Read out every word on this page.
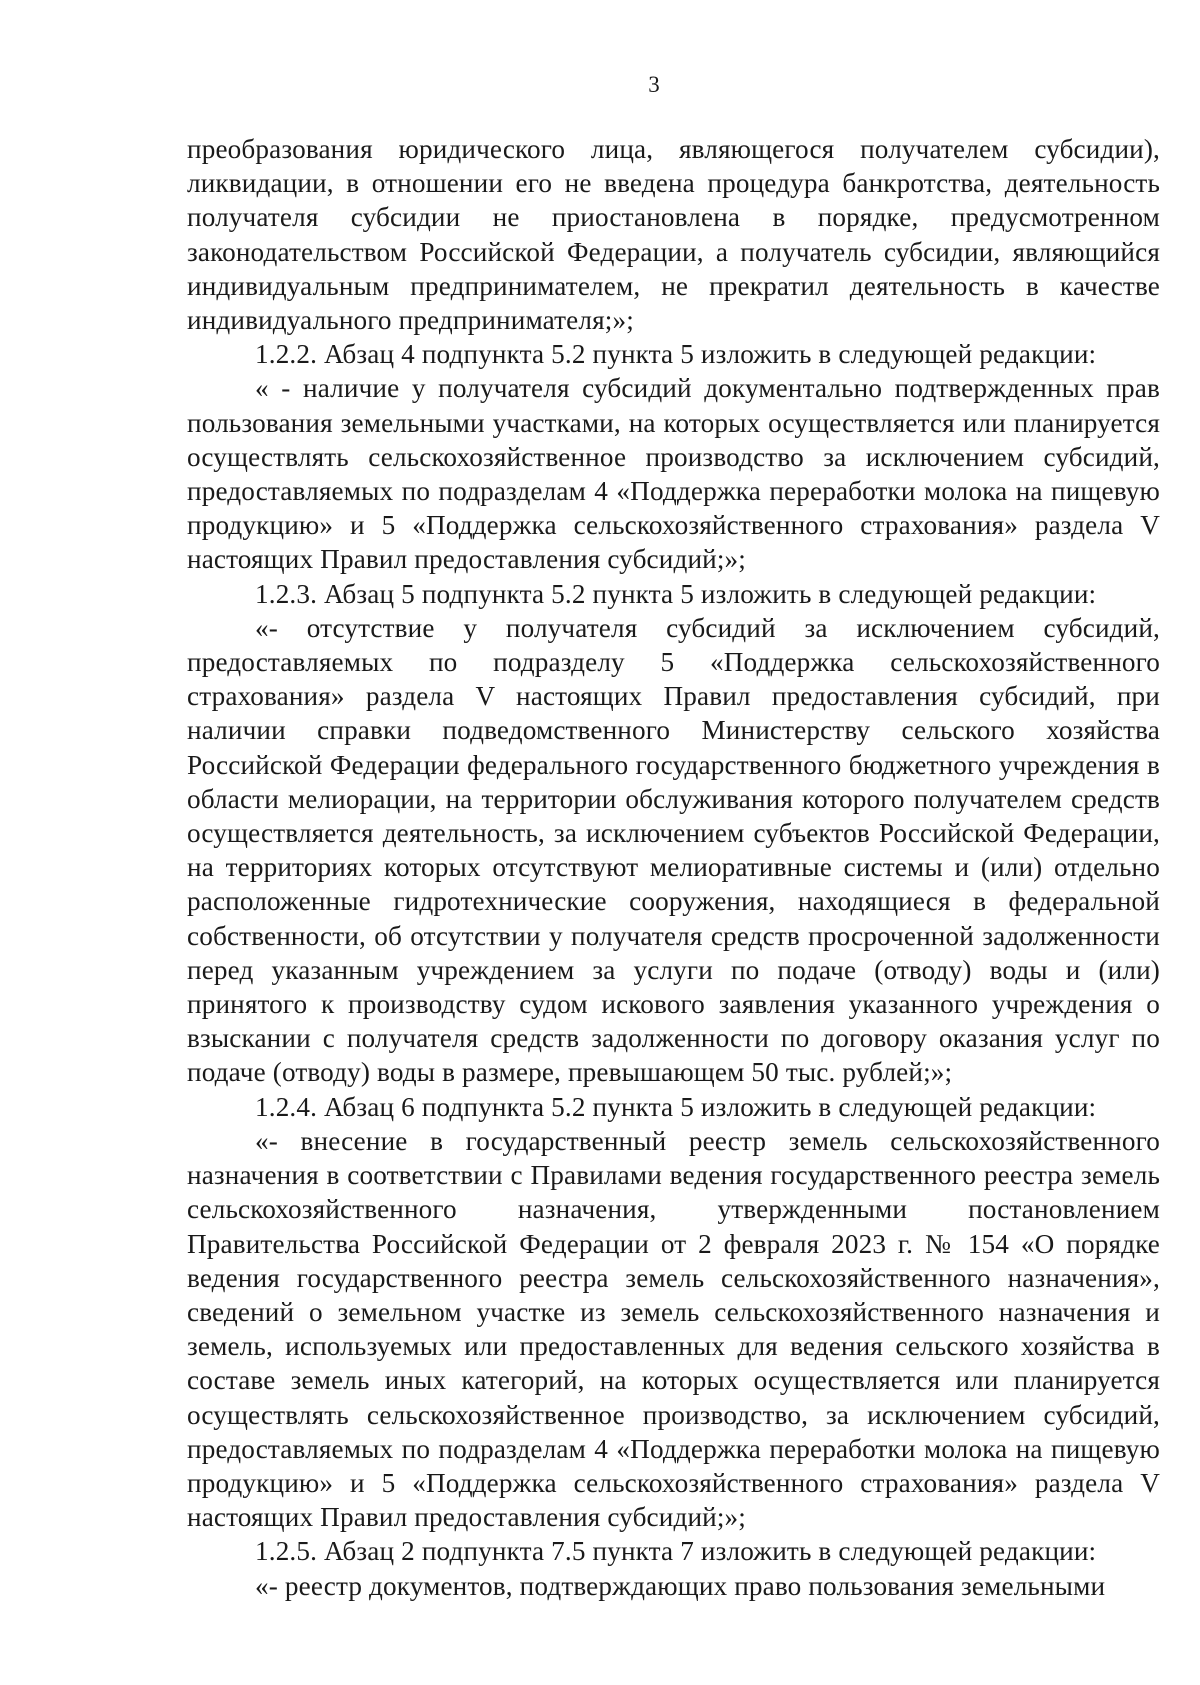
3

преобразования юридического лица, являющегося получателем субсидии), ликвидации, в отношении его не введена процедура банкротства, деятельность получателя субсидии не приостановлена в порядке, предусмотренном законодательством Российской Федерации, а получатель субсидии, являющийся индивидуальным предпринимателем, не прекратил деятельность в качестве индивидуального предпринимателя;»;

1.2.2. Абзац 4 подпункта 5.2 пункта 5 изложить в следующей редакции:

« - наличие у получателя субсидий документально подтвержденных прав пользования земельными участками, на которых осуществляется или планируется осуществлять сельскохозяйственное производство за исключением субсидий, предоставляемых по подразделам 4 «Поддержка переработки молока на пищевую продукцию» и 5 «Поддержка сельскохозяйственного страхования» раздела V настоящих Правил предоставления субсидий;»;

1.2.3. Абзац 5 подпункта 5.2 пункта 5 изложить в следующей редакции:

«- отсутствие у получателя субсидий за исключением субсидий, предоставляемых по подразделу 5 «Поддержка сельскохозяйственного страхования» раздела V настоящих Правил предоставления субсидий, при наличии справки подведомственного Министерству сельского хозяйства Российской Федерации федерального государственного бюджетного учреждения в области мелиорации, на территории обслуживания которого получателем средств осуществляется деятельность, за исключением субъектов Российской Федерации, на территориях которых отсутствуют мелиоративные системы и (или) отдельно расположенные гидротехнические сооружения, находящиеся в федеральной собственности, об отсутствии у получателя средств просроченной задолженности перед указанным учреждением за услуги по подаче (отводу) воды и (или) принятого к производству судом искового заявления указанного учреждения о взыскании с получателя средств задолженности по договору оказания услуг по подаче (отводу) воды в размере, превышающем 50 тыс. рублей;»;

1.2.4. Абзац 6 подпункта 5.2 пункта 5 изложить в следующей редакции:

«- внесение в государственный реестр земель сельскохозяйственного назначения в соответствии с Правилами ведения государственного реестра земель сельскохозяйственного назначения, утвержденными постановлением Правительства Российской Федерации от 2 февраля 2023 г. № 154 «О порядке ведения государственного реестра земель сельскохозяйственного назначения», сведений о земельном участке из земель сельскохозяйственного назначения и земель, используемых или предоставленных для ведения сельского хозяйства в составе земель иных категорий, на которых осуществляется или планируется осуществлять сельскохозяйственное производство, за исключением субсидий, предоставляемых по подразделам 4 «Поддержка переработки молока на пищевую продукцию» и 5 «Поддержка сельскохозяйственного страхования» раздела V настоящих Правил предоставления субсидий;»;

1.2.5. Абзац 2 подпункта 7.5 пункта 7 изложить в следующей редакции:

«- реестр документов, подтверждающих право пользования земельными
